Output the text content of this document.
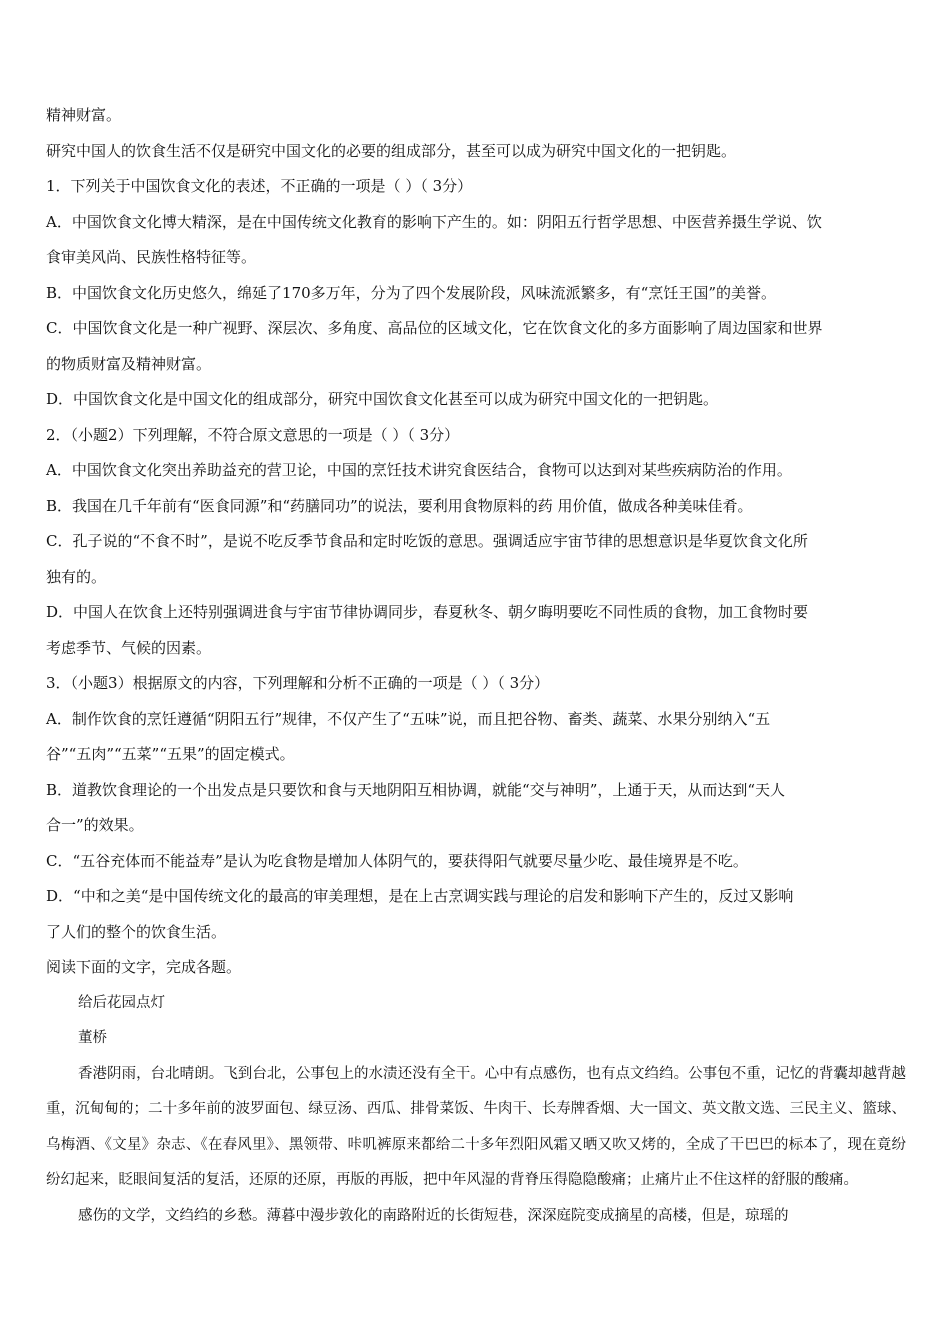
精神财富。

研究中国人的饮食生活不仅是研究中国文化的必要的组成部分，甚至可以成为研究中国文化的一把钥匙。

1．下列关于中国饮食文化的表述，不正确的一项是（ ）（ 3分）

A．中国饮食文化博大精深，是在中国传统文化教育的影响下产生的。如：阴阳五行哲学思想、中医营养摄生学说、饮

食审美风尚、民族性格特征等。

B．中国饮食文化历史悠久，绵延了170多万年，分为了四个发展阶段，风味流派繁多，有“烹饪王国”的美誉。

C．中国饮食文化是一种广视野、深层次、多角度、高品位的区域文化，它在饮食文化的多方面影响了周边国家和世界

的物质财富及精神财富。

D．中国饮食文化是中国文化的组成部分，研究中国饮食文化甚至可以成为研究中国文化的一把钥匙。

2．（小题2）下列理解，不符合原文意思的一项是（ ）（ 3分）

A．中国饮食文化突出养助益充的营卫论，中国的烹饪技术讲究食医结合，食物可以达到对某些疾病防治的作用。

B．我国在几千年前有“医食同源”和“药膳同功”的说法，要利用食物原料的药 用价值，做成各种美味佳肴。

C．孔子说的“不食不时”，是说不吃反季节食品和定时吃饭的意思。强调适应宇宙节律的思想意识是华夏饮食文化所

独有的。

D．中国人在饮食上还特别强调进食与宇宙节律协调同步，春夏秋冬、朝夕晦明要吃不同性质的食物，加工食物时要

考虑季节、气候的因素。

3．（小题3）根据原文的内容，下列理解和分析不正确的一项是（ ）（ 3分）

A．制作饮食的烹饪遵循“阴阳五行”规律，不仅产生了“五味”说，而且把谷物、畜类、蔬菜、水果分别纳入“五

谷”“五肉”“五菜”“五果”的固定模式。

B．道教饮食理论的一个出发点是只要饮和食与天地阴阳互相协调，就能“交与神明”，上通于天，从而达到“天人

合一”的效果。

C．“五谷充体而不能益寿”是认为吃食物是增加人体阴气的，要获得阳气就要尽量少吃、最佳境界是不吃。

D．“中和之美“是中国传统文化的最高的审美理想，是在上古烹调实践与理论的启发和影响下产生的，反过又影响

了人们的整个的饮食生活。

阅读下面的文字，完成各题。

给后花园点灯

董桥

香港阴雨，台北晴朗。飞到台北，公事包上的水渍还没有全干。心中有点感伤，也有点文绉绉。公事包不重，记忆的背囊却越背越重，沉甸甸的；二十多年前的波罗面包、绿豆汤、西瓜、排骨菜饭、牛肉干、长寿牌香烟、大一国文、英文散文选、三民主义、篮球、乌梅酒、《文星》杂志、《在春风里》、黑领带、咔叽裤原来都给二十多年烈阳风霜又晒又吹又烤的，全成了干巴巴的标本了，现在竟纷纷幻起来，眨眼间复活的复活，还原的还原，再版的再版，把中年风湿的背脊压得隐隐酸痛；止痛片止不住这样的舒服的酸痛。

感伤的文学，文绉绉的乡愁。薄暮中漫步敦化的南路附近的长街短巷，深深庭院变成摘星的高楼，但是，琼瑶的
